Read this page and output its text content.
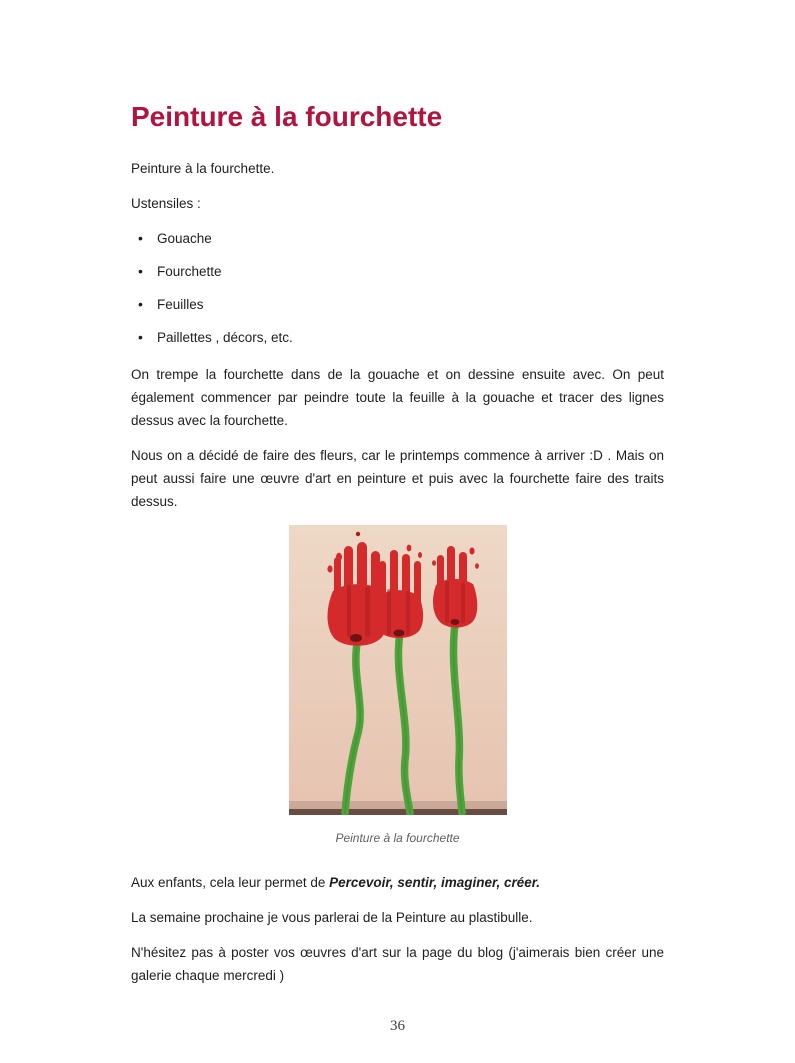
Peinture à la fourchette

Peinture à la fourchette.

Ustensiles :

• Gouache
• Fourchette
• Feuilles
• Paillettes , décors, etc.

On trempe la fourchette dans de la gouache et on dessine ensuite avec. On peut également commencer par peindre toute la feuille à la gouache et tracer des lignes dessus avec la fourchette.

Nous on a décidé de faire des fleurs, car le printemps commence à arriver :D . Mais on peut aussi faire une œuvre d'art en peinture et puis avec la fourchette faire des traits dessus.

Peinture à la fourchette

Aux enfants, cela leur permet de Percevoir, sentir, imaginer, créer.

La semaine prochaine je vous parlerai de la Peinture au plastibulle.

N'hésitez pas à poster vos œuvres d'art sur la page du blog (j'aimerais bien créer une galerie chaque mercredi )

36
